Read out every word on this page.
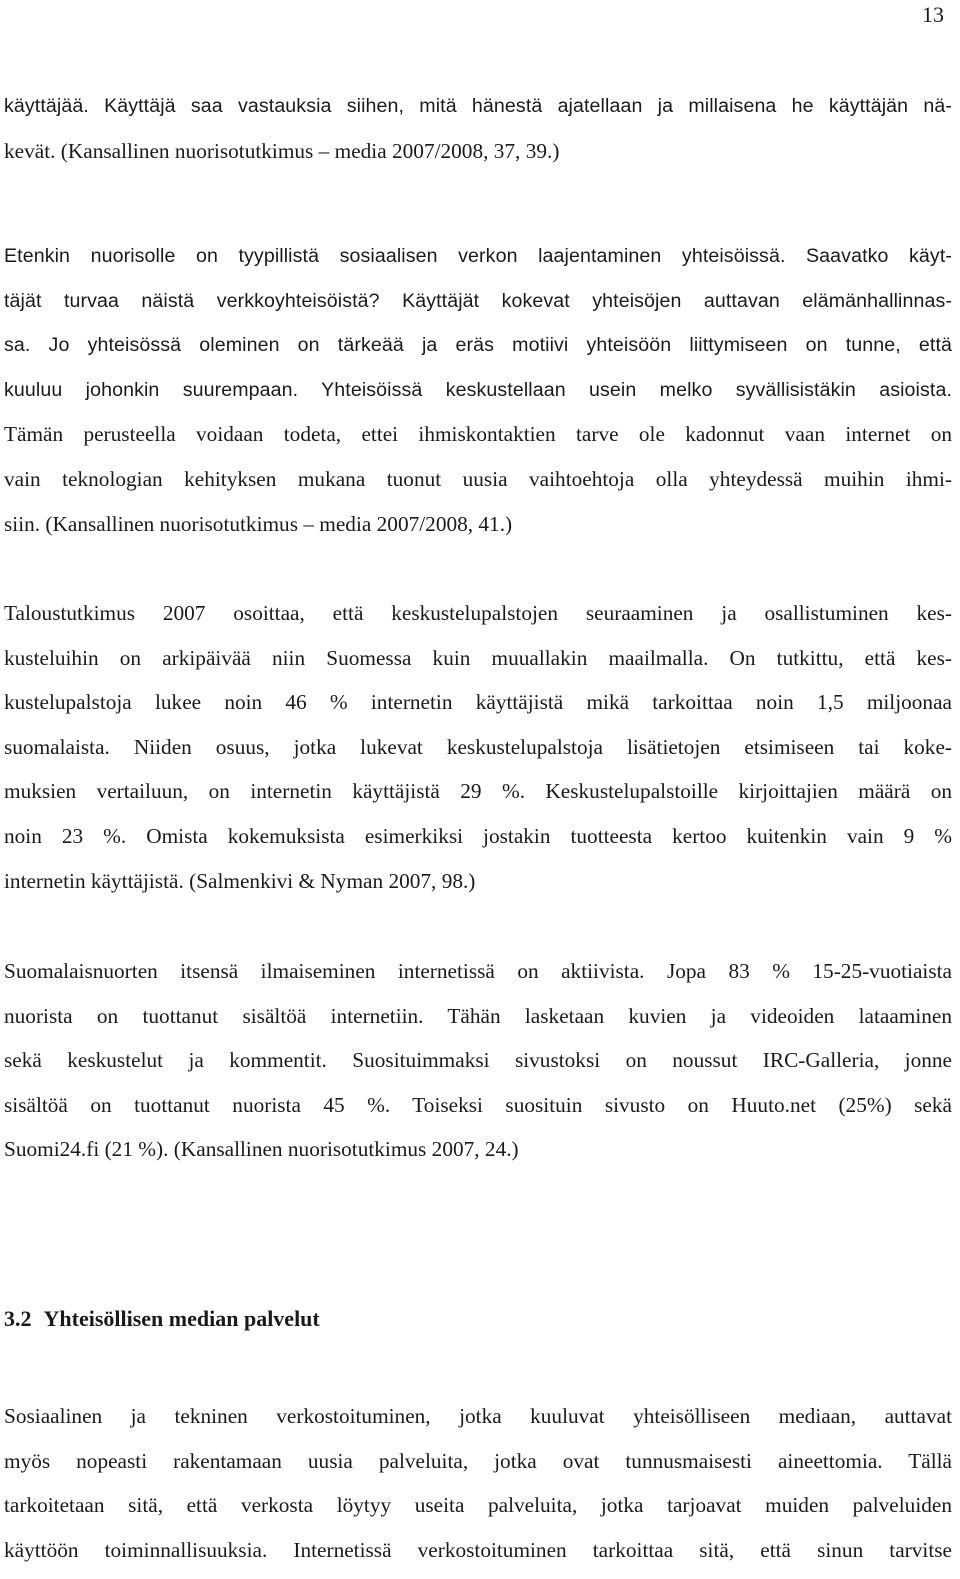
13

käyttäjää. Käyttäjä saa vastauksia siihen, mitä hänestä ajatellaan ja millaisena he käyttäjän nä-
kevät. (Kansallinen nuorisotutkimus – media 2007/2008, 37, 39.)

Etenkin nuorisolle on tyypillistä sosiaalisen verkon laajentaminen yhteisöissä. Saavatko käyt-
täjät turvaa näistä verkkoyhteisöistä? Käyttäjät kokevat yhteisöjen auttavan elämänhallinnas-
sa. Jo yhteisössä oleminen on tärkeää ja eräs motiivi yhteisöön liittymiseen on tunne, että
kuuluu johonkin suurempaan. Yhteisöissä keskustellaan usein melko syvällisistäkin asioista.
Tämän perusteella voidaan todeta, ettei ihmiskontaktien tarve ole kadonnut vaan internet on
vain teknologian kehityksen mukana tuonut uusia vaihtoehtoja olla yhteydessä muihin ihmi-
siin. (Kansallinen nuorisotutkimus – media 2007/2008, 41.)

Taloustutkimus 2007 osoittaa, että keskustelupalstojen seuraaminen ja osallistuminen kes-
kusteluihin on arkipäivää niin Suomessa kuin muuallakin maailmalla. On tutkittu, että kes-
kustelupalstoja lukee noin 46 % internetin käyttäjistä mikä tarkoittaa noin 1,5 miljoonaa
suomalaista. Niiden osuus, jotka lukevat keskustelupalstoja lisätietojen etsimiseen tai koke-
muksien vertailuun, on internetin käyttäjistä 29 %. Keskustelupalstoille kirjoittajien määrä on
noin 23 %. Omista kokemuksista esimerkiksi jostakin tuotteesta kertoo kuitenkin vain 9 %
internetin käyttäjistä. (Salmenkivi & Nyman 2007, 98.)

Suomalaisnuorten itsensä ilmaiseminen internetissä on aktiivista. Jopa 83 % 15-25-vuotiaista
nuorista on tuottanut sisältöä internetiin. Tähän lasketaan kuvien ja videoiden lataaminen
sekä keskustelut ja kommentit. Suosituimmaksi sivustoksi on noussut IRC-Galleria, jonne
sisältöä on tuottanut nuorista 45 %. Toiseksi suosituin sivusto on Huuto.net (25%) sekä
Suomi24.fi (21 %). (Kansallinen nuorisotutkimus 2007, 24.)

3.2 Yhteisöllisen median palvelut

Sosiaalinen ja tekninen verkostoituminen, jotka kuuluvat yhteisölliseen mediaan, auttavat
myös nopeasti rakentamaan uusia palveluita, jotka ovat tunnusmaisesti aineettomia. Tällä
tarkoitetaan sitä, että verkosta löytyy useita palveluita, jotka tarjoavat muiden palveluiden
käyttöön toiminnallisuuksia. Internetissä verkostoituminen tarkoittaa sitä, että sinun tarvitse
